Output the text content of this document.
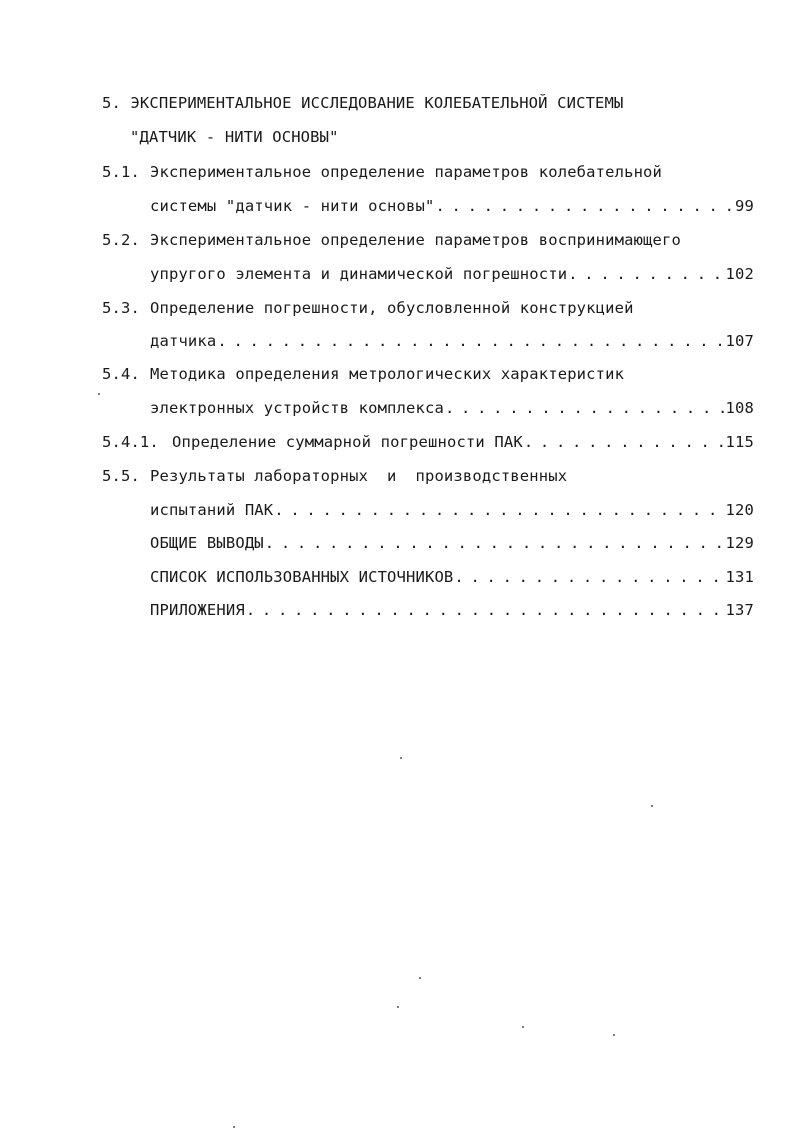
5. ЭКСПЕРИМЕНТАЛЬНОЕ ИССЛЕДОВАНИЕ КОЛЕБАТЕЛЬНОЙ СИСТЕМЫ
"ДАТЧИК - НИТИ ОСНОВЫ"
5.1. Экспериментальное определение параметров колебательной
системы "датчик - нити основы" . . .	99
5.2. Экспериментальное определение параметров воспринимающего
упругого элемента и динамической погрешности . . .	102
5.3. Определение погрешности, обусловленной конструкцией
датчика . . .	107
5.4. Методика определения метрологических характеристик
электронных устройств комплекса . . .	108
5.4.1. Определение суммарной погрешности ПАК . . .	115
5.5. Результаты лабораторных  и  производственных
испытаний ПАК . . .	120
ОБЩИЕ ВЫВОДЫ . . .	129
СПИСОК ИСПОЛЬЗОВАННЫХ ИСТОЧНИКОВ . . .	131
ПРИЛОЖЕНИЯ . . .	137
